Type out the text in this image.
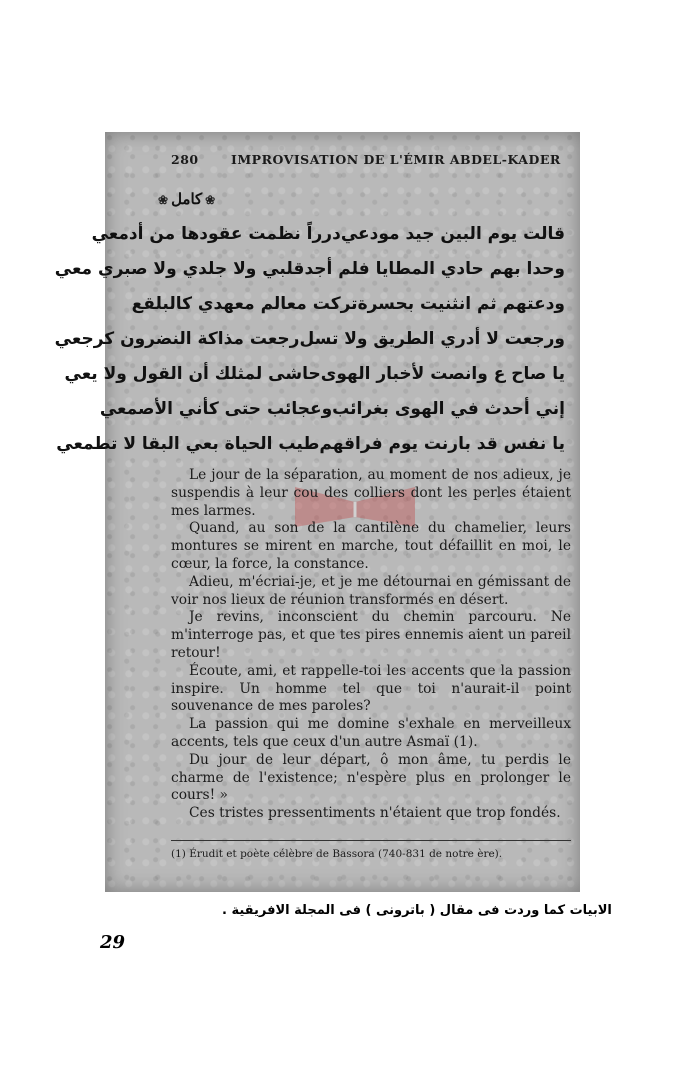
280	IMPROVISATION DE L'ÉMIR ABDEL-KADER
❀كامل❀
قالت يوم البين جيد مودعي
درراً نظمت عقودها من أدمعي
وحدا بهم حادي المطايا فلم أجد
قلبي ولا جلدي ولا صبري معي
ودعتهم ثم انثنيت بحسرة
تركت معالم معهدي كالبلقع
ورجعت لا أدري الطريق ولا تسل
رجعت مذاكة النضرون كرجعي
يا صاح ع وانصت لأخبار الهوى
حاشى لمثلك أن القول ولا يعي
إني أحدث في الهوى بغرائب
وعجائب حتى كأني الأصمعي
يا نفس قد بارنت يوم فراقهم
طيب الحياة بعي البقا لا تطمعي

Le jour de la séparation, au moment de nos adieux, je suspendis à leur cou des colliers dont les perles étaient mes larmes.

Quand, au son de la cantilène du chamelier, leurs montures se mirent en marche, tout défaillit en moi, le cœur, la force, la constance.

Adieu, m'écriai-je, et je me détournai en gémissant de voir nos lieux de réunion transformés en désert.

Je revins, inconscient du chemin parcouru. Ne m'interroge pas, et que tes pires ennemis aient un pareil retour!

Écoute, ami, et rappelle-toi les accents que la passion inspire. Un homme tel que toi n'aurait-il point souvenance de mes paroles?

La passion qui me domine s'exhale en merveilleux accents, tels que ceux d'un autre Asmaï (1).

Du jour de leur départ, ô mon âme, tu perdis le charme de l'existence; n'espère plus en prolonger le cours! »

Ces tristes pressentiments n'étaient que trop fondés.

(1) Érudit et poète célèbre de Bassora (740-831 de notre ère).
الابيات كما وردت فى مقال ( باترونى ) فى المجلة الافريقية .
29
